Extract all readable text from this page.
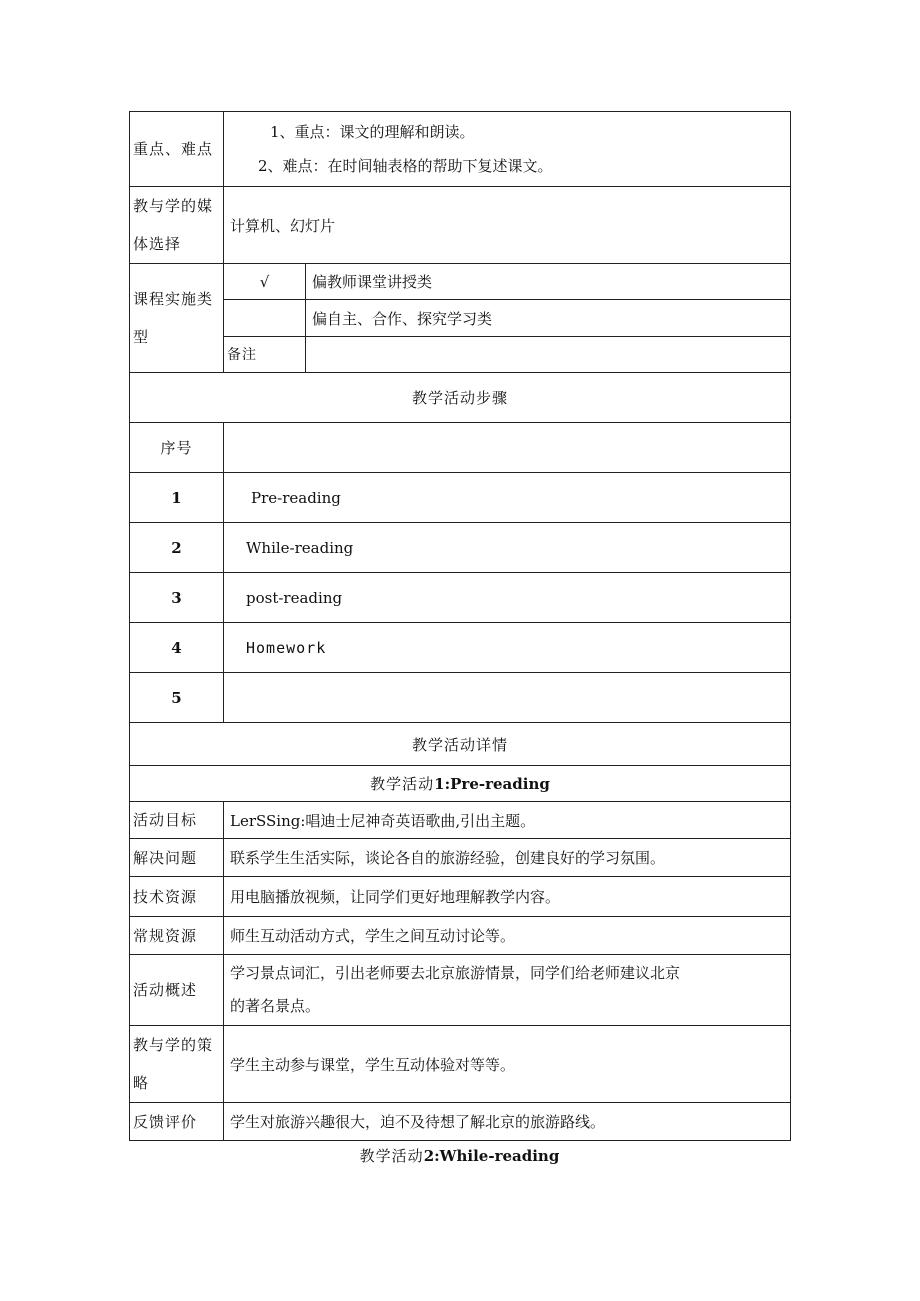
重点、难点	1、重点：课文的理解和朗读。
2、难点：在时间轴表格的帮助下复述课文。	

教与学的媒体选择	计算机、幻灯片	
课程实施类型	√	偏教师课堂讲授类
		偏自主、合作、探究学习类
	备注	
教学活动步骤		
序号		
1	Pre-reading	
2	While-reading	
3	post-reading	
4	Homework	
5		
教学活动详情		
教学活动1:Pre-reading		
活动目标	LerSSing:唱迪士尼神奇英语歌曲,引出主题。	
解决问题	联系学生生活实际，谈论各自的旅游经验，创建良好的学习氛围。	
技术资源	用电脑播放视频，让同学们更好地理解教学内容。	
常规资源	师生互动活动方式，学生之间互动讨论等。	
活动概述	学习景点词汇，引出老师要去北京旅游情景，同学们给老师建议北京
的著名景点。	

教与学的策略	学生主动参与课堂，学生互动体验对等等。	
反馈评价	学生对旅游兴趣很大，迫不及待想了解北京的旅游路线。	
教学活动2:While-reading
